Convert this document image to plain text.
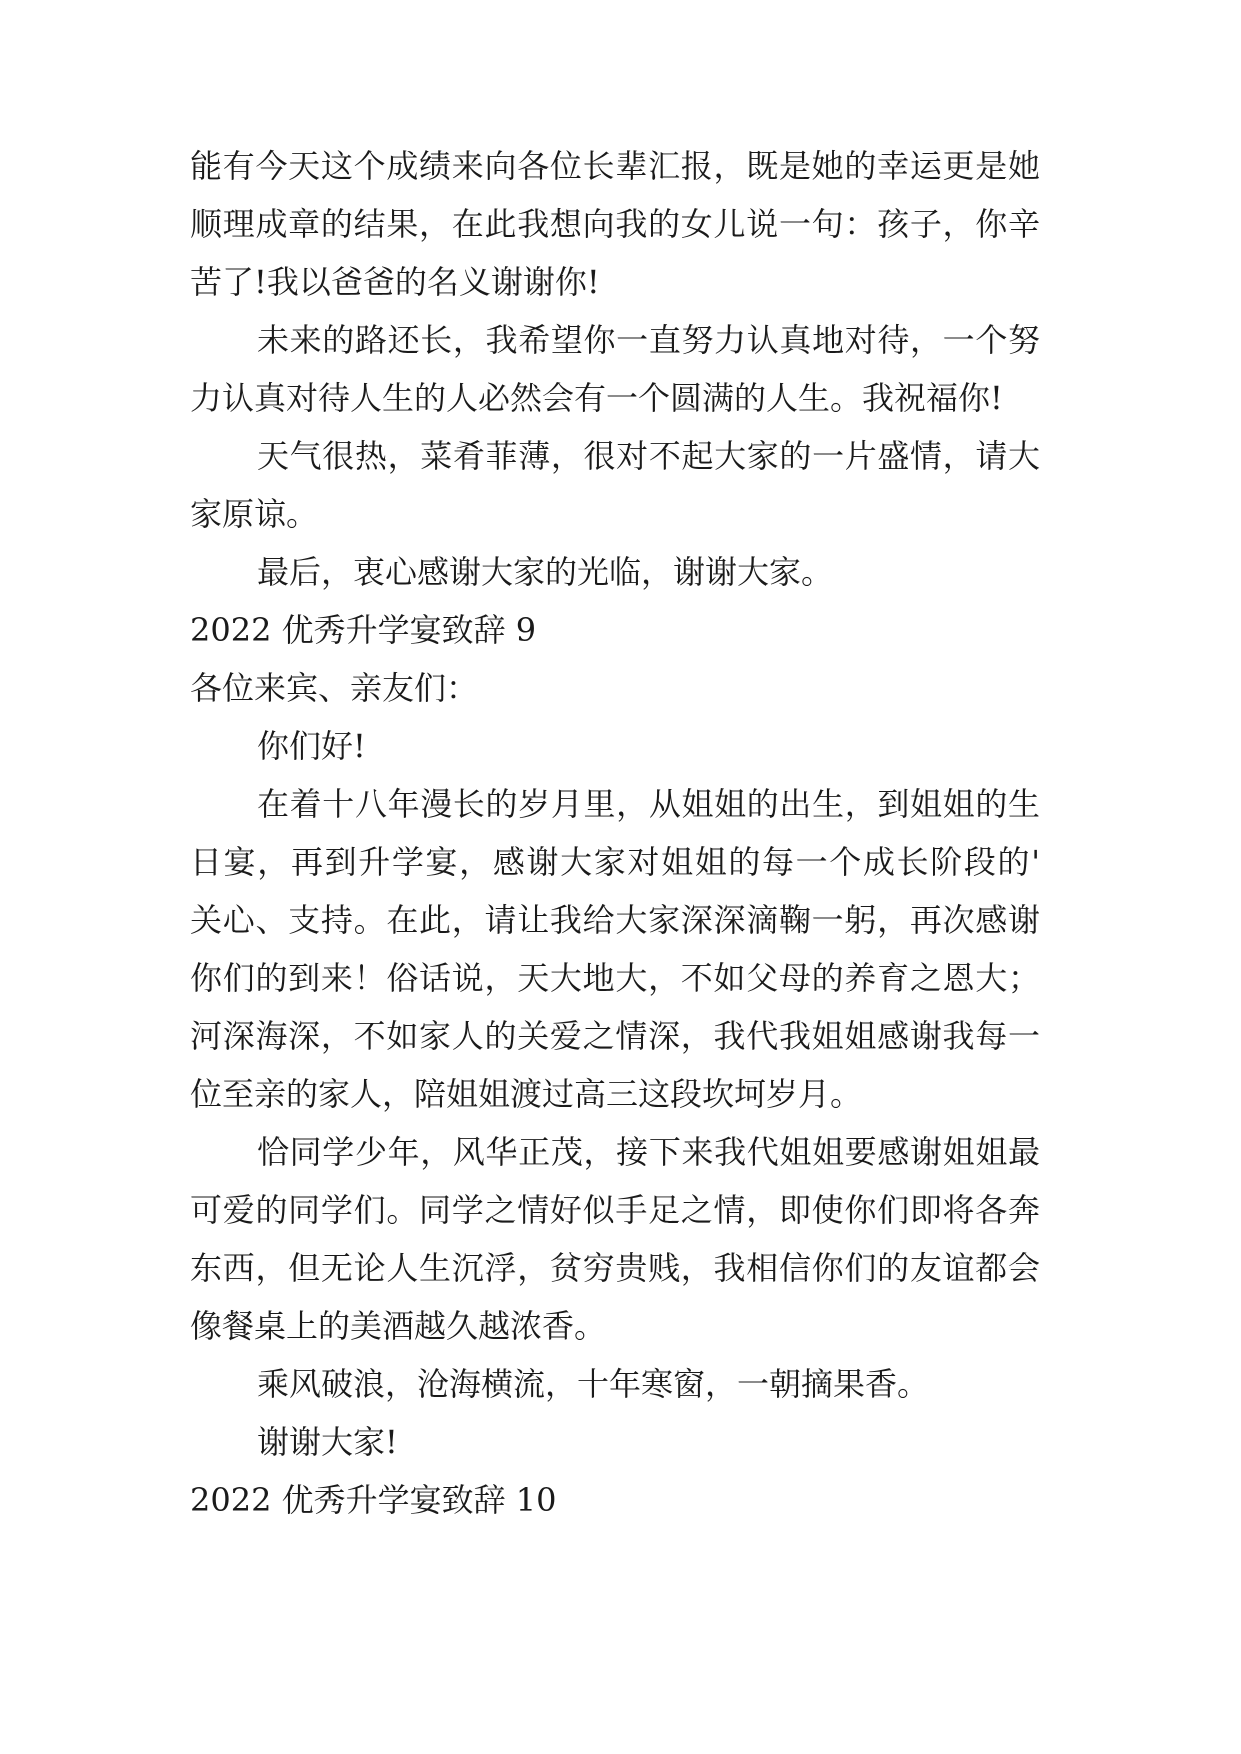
能有今天这个成绩来向各位长辈汇报，既是她的幸运更是她
顺理成章的结果，在此我想向我的女儿说一句：孩子，你辛
苦了!我以爸爸的名义谢谢你!
未来的路还长，我希望你一直努力认真地对待，一个努
力认真对待人生的人必然会有一个圆满的人生。我祝福你!
天气很热，菜肴菲薄，很对不起大家的一片盛情，请大
家原谅。
最后，衷心感谢大家的光临，谢谢大家。
2022 优秀升学宴致辞 9
各位来宾、亲友们：
你们好!
在着十八年漫长的岁月里，从姐姐的出生，到姐姐的生
日宴，再到升学宴，感谢大家对姐姐的每一个成长阶段的'
关心、支持。在此，请让我给大家深深滴鞠一躬，再次感谢
你们的到来！俗话说，天大地大，不如父母的养育之恩大；
河深海深，不如家人的关爱之情深，我代我姐姐感谢我每一
位至亲的家人，陪姐姐渡过高三这段坎坷岁月。
恰同学少年，风华正茂，接下来我代姐姐要感谢姐姐最
可爱的同学们。同学之情好似手足之情，即使你们即将各奔
东西，但无论人生沉浮，贫穷贵贱，我相信你们的友谊都会
像餐桌上的美酒越久越浓香。
乘风破浪，沧海横流，十年寒窗，一朝摘果香。
谢谢大家!
2022 优秀升学宴致辞 10
